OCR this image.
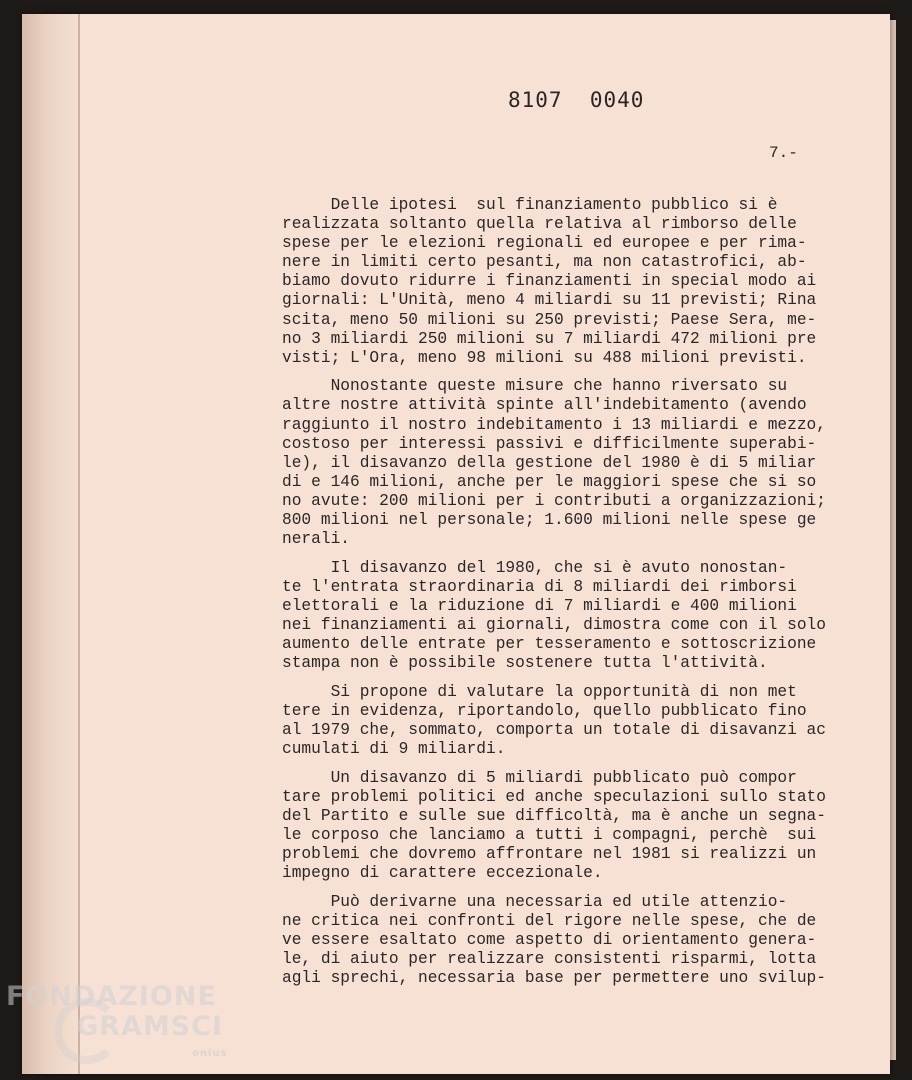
8107  0040
7.-
Delle ipotesi  sul finanziamento pubblico si è
realizzata soltanto quella relativa al rimborso delle
spese per le elezioni regionali ed europee e per rima-
nere in limiti certo pesanti, ma non catastrofici, ab-
biamo dovuto ridurre i finanziamenti in special modo ai
giornali: L'Unità, meno 4 miliardi su 11 previsti; Rina
scita, meno 50 milioni su 250 previsti; Paese Sera, me-
no 3 miliardi 250 milioni su 7 miliardi 472 milioni pre
visti; L'Ora, meno 98 milioni su 488 milioni previsti.
Nonostante queste misure che hanno riversato su
altre nostre attività spinte all'indebitamento (avendo
raggiunto il nostro indebitamento i 13 miliardi e mezzo,
costoso per interessi passivi e difficilmente superabi-
le), il disavanzo della gestione del 1980 è di 5 miliar
di e 146 milioni, anche per le maggiori spese che si so
no avute: 200 milioni per i contributi a organizzazioni;
800 milioni nel personale; 1.600 milioni nelle spese ge
nerali.
Il disavanzo del 1980, che si è avuto nonostan-
te l'entrata straordinaria di 8 miliardi dei rimborsi
elettorali e la riduzione di 7 miliardi e 400 milioni
nei finanziamenti ai giornali, dimostra come con il solo
aumento delle entrate per tesseramento e sottoscrizione
stampa non è possibile sostenere tutta l'attività.
Si propone di valutare la opportunità di non met
tere in evidenza, riportandolo, quello pubblicato fino
al 1979 che, sommato, comporta un totale di disavanzi ac
cumulati di 9 miliardi.
Un disavanzo di 5 miliardi pubblicato può compor
tare problemi politici ed anche speculazioni sullo stato
del Partito e sulle sue difficoltà, ma è anche un segna-
le corposo che lanciamo a tutti i compagni, perchè  sui
problemi che dovremo affrontare nel 1981 si realizzi un
impegno di carattere eccezionale.
Può derivarne una necessaria ed utile attenzio-
ne critica nei confronti del rigore nelle spese, che de
ve essere esaltato come aspetto di orientamento genera-
le, di aiuto per realizzare consistenti risparmi, lotta
agli sprechi, necessaria base per permettere uno svilup-
FONDAZIONE
GRAMSCI
onlus
